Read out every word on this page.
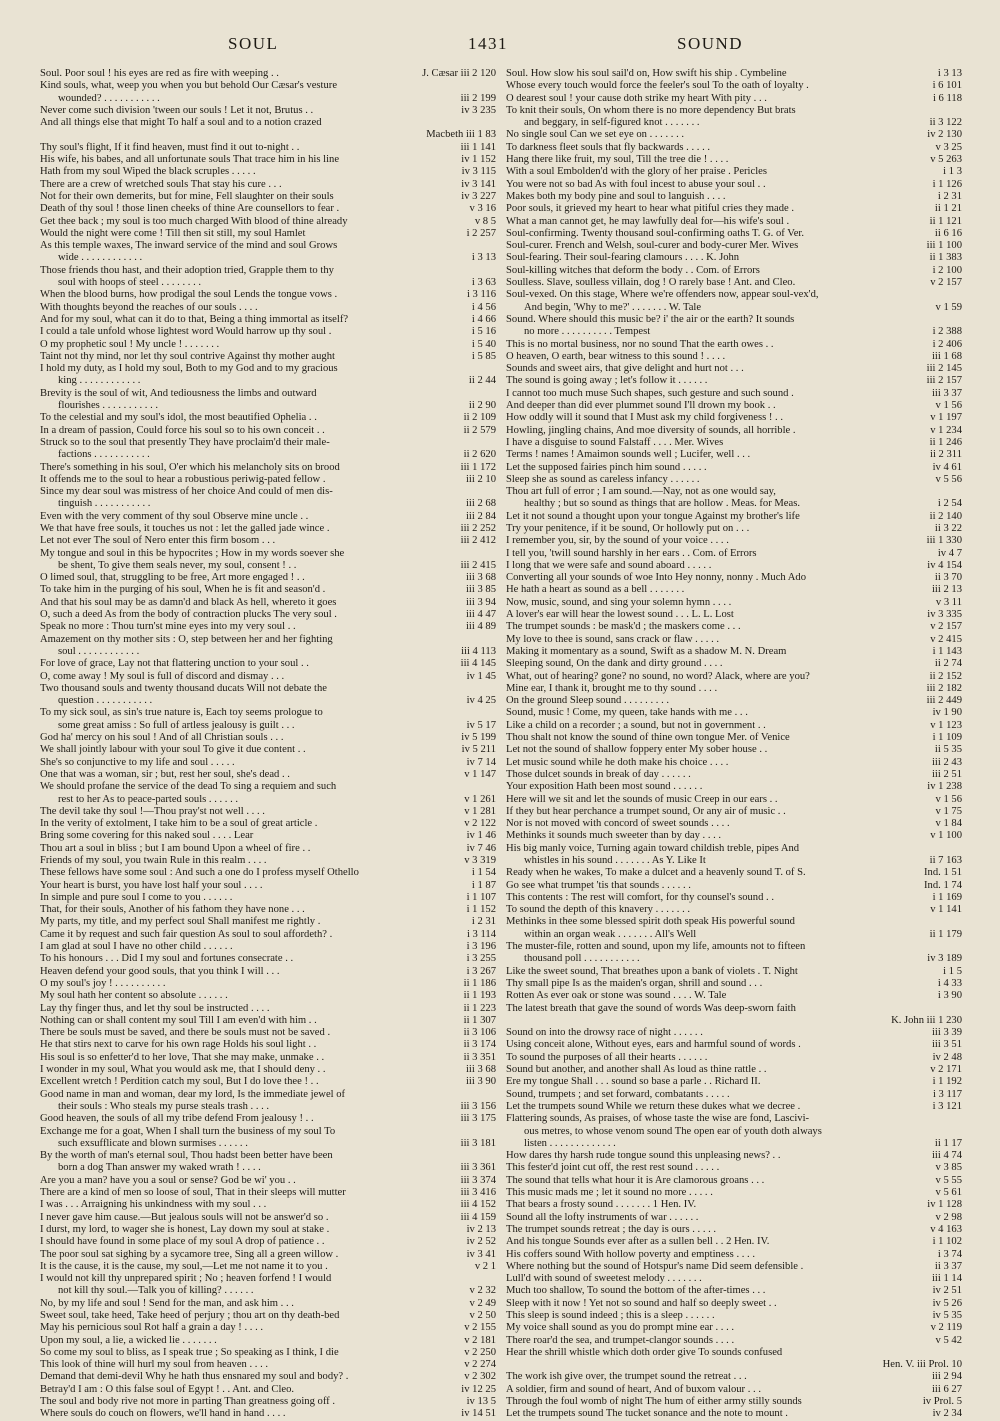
SOUL	1431	SOUND
Soul. Poor soul ! his eyes are red as fire with weeping . .	J. Cæsar iii 2 120
Kind souls, what, weep you when you but behold Our Cæsar's vesture
wounded? . . . . . . . . . . .	iii 2 199
Never come such division 'tween our souls ! Let it not, Brutus . .	iv 3 235
And all things else that might To half a soul and to a notion crazed
Macbeth iii 1 83
Thy soul's flight, If it find heaven, must find it out to-night . .	iii 1 141
His wife, his babes, and all unfortunate souls That trace him in his line	iv 1 152
Hath from my soul Wiped the black scruples . . . . .	iv 3 115
There are a crew of wretched souls That stay his cure . . .	iv 3 141
Not for their own demerits, but for mine, Fell slaughter on their souls	iv 3 227
Death of thy soul ! those linen cheeks of thine Are counsellors to fear .	v 3 16
Get thee back ; my soul is too much charged With blood of thine already	v 8 5
Would the night were come ! Till then sit still, my soul Hamlet	i 2 257
As this temple waxes, The inward service of the mind and soul Grows
wide . . . . . . . . . . . .	i 3 13
Those friends thou hast, and their adoption tried, Grapple them to thy
soul with hoops of steel . . . . . . . .	i 3 63
When the blood burns, how prodigal the soul Lends the tongue vows .	i 3 116
With thoughts beyond the reaches of our souls . . . .	i 4 56
And for my soul, what can it do to that, Being a thing immortal as itself?	i 4 66
I could a tale unfold whose lightest word Would harrow up thy soul .	i 5 16
O my prophetic soul ! My uncle ! . . . . . . .	i 5 40
Taint not thy mind, nor let thy soul contrive Against thy mother aught	i 5 85
I hold my duty, as I hold my soul, Both to my God and to my gracious
king . . . . . . . . . . . .	ii 2 44
Brevity is the soul of wit, And tediousness the limbs and outward
flourishes . . . . . . . . . . .	ii 2 90
To the celestial and my soul's idol, the most beautified Ophelia . .	ii 2 109
In a dream of passion, Could force his soul so to his own conceit . .	ii 2 579
Struck so to the soul that presently They have proclaim'd their male-
factions . . . . . . . . . . .	ii 2 620
There's something in his soul, O'er which his melancholy sits on brood	iii 1 172
It offends me to the soul to hear a robustious periwig-pated fellow .	iii 2 10
Since my dear soul was mistress of her choice And could of men dis-
tinguish . . . . . . . . . . .	iii 2 68
Even with the very comment of thy soul Observe mine uncle . .	iii 2 84
We that have free souls, it touches us not : let the galled jade wince .	iii 2 252
Let not ever The soul of Nero enter this firm bosom . . .	iii 2 412
My tongue and soul in this be hypocrites ; How in my words soever she
be shent, To give them seals never, my soul, consent ! . .	iii 2 415
O limed soul, that, struggling to be free, Art more engaged ! . .	iii 3 68
To take him in the purging of his soul, When he is fit and season'd .	iii 3 85
And that his soul may be as damn'd and black As hell, whereto it goes	iii 3 94
O, such a deed As from the body of contraction plucks The very soul .	iii 4 47
Speak no more : Thou turn'st mine eyes into my very soul . .	iii 4 89
Amazement on thy mother sits : O, step between her and her fighting
soul . . . . . . . . . . . .	iii 4 113
For love of grace, Lay not that flattering unction to your soul . .	iii 4 145
O, come away ! My soul is full of discord and dismay . . .	iv 1 45
Two thousand souls and twenty thousand ducats Will not debate the
question . . . . . . . . . . .	iv 4 25
To my sick soul, as sin's true nature is, Each toy seems prologue to
some great amiss : So full of artless jealousy is guilt . . .	iv 5 17
God ha' mercy on his soul ! And of all Christian souls . . .	iv 5 199
We shall jointly labour with your soul To give it due content . .	iv 5 211
She's so conjunctive to my life and soul . . . . .	iv 7 14
One that was a woman, sir ; but, rest her soul, she's dead . .	v 1 147
We should profane the service of the dead To sing a requiem and such
rest to her As to peace-parted souls . . . . . .	v 1 261
The devil take thy soul !—Thou pray'st not well . . . .	v 1 281
In the verity of extolment, I take him to be a soul of great article .	v 2 122
Bring some covering for this naked soul . . . . Lear	iv 1 46
Thou art a soul in bliss ; but I am bound Upon a wheel of fire . .	iv 7 46
Friends of my soul, you twain Rule in this realm . . . .	v 3 319
These fellows have some soul : And such a one do I profess myself Othello	i 1 54
Your heart is burst, you have lost half your soul . . . .	i 1 87
In simple and pure soul I come to you . . . . . .	i 1 107
That, for their souls, Another of his fathom they have none . . .	i 1 152
My parts, my title, and my perfect soul Shall manifest me rightly .	i 2 31
Came it by request and such fair question As soul to soul affordeth? .	i 3 114
I am glad at soul I have no other child . . . . . .	i 3 196
To his honours . . . Did I my soul and fortunes consecrate . .	i 3 255
Heaven defend your good souls, that you think I will . . .	i 3 267
O my soul's joy ! . . . . . . . . . .	ii 1 186
My soul hath her content so absolute . . . . . .	ii 1 193
Lay thy finger thus, and let thy soul be instructed . . . .	ii 1 223
Nothing can or shall content my soul Till I am even'd with him . .	ii 1 307
There be souls must be saved, and there be souls must not be saved .	ii 3 106
He that stirs next to carve for his own rage Holds his soul light . .	ii 3 174
His soul is so enfetter'd to her love, That she may make, unmake . .	ii 3 351
I wonder in my soul, What you would ask me, that I should deny . .	iii 3 68
Excellent wretch ! Perdition catch my soul, But I do love thee ! . .	iii 3 90
Good name in man and woman, dear my lord, Is the immediate jewel of
their souls : Who steals my purse steals trash . . . .	iii 3 156
Good heaven, the souls of all my tribe defend From jealousy ! . .	iii 3 175
Exchange me for a goat, When I shall turn the business of my soul To
such exsufflicate and blown surmises . . . . . .	iii 3 181
By the worth of man's eternal soul, Thou hadst been better have been
born a dog Than answer my waked wrath ! . . . .	iii 3 361
Are you a man? have you a soul or sense? God be wi' you . .	iii 3 374
There are a kind of men so loose of soul, That in their sleeps will mutter	iii 3 416
I was . . . Arraigning his unkindness with my soul . . .	iii 4 152
I never gave him cause.—But jealous souls will not be answer'd so .	iii 4 159
I durst, my lord, to wager she is honest, Lay down my soul at stake .	iv 2 13
I should have found in some place of my soul A drop of patience . .	iv 2 52
The poor soul sat sighing by a sycamore tree, Sing all a green willow .	iv 3 41
It is the cause, it is the cause, my soul,—Let me not name it to you .	v 2 1
I would not kill thy unprepared spirit ; No ; heaven forfend ! I would
not kill thy soul.—Talk you of killing? . . . . . .	v 2 32
No, by my life and soul ! Send for the man, and ask him . . .	v 2 49
Sweet soul, take heed, Take heed of perjury ; thou art on thy death-bed	v 2 50
May his pernicious soul Rot half a grain a day ! . . . .	v 2 155
Upon my soul, a lie, a wicked lie . . . . . . .	v 2 181
So come my soul to bliss, as I speak true ; So speaking as I think, I die	v 2 250
This look of thine will hurl my soul from heaven . . . .	v 2 274
Demand that demi-devil Why he hath thus ensnared my soul and body? .	v 2 302
Betray'd I am : O this false soul of Egypt ! . . Ant. and Cleo.	iv 12 25
The soul and body rive not more in parting Than greatness going off .	iv 13 5
Where souls do couch on flowers, we'll hand in hand . . . .	iv 14 51
Soul. How slow his soul sail'd on, How swift his ship . Cymbeline	i 3 13
Whose every touch would force the feeler's soul To the oath of loyalty .	i 6 101
O dearest soul ! your cause doth strike my heart With pity . . .	i 6 118
To knit their souls, On whom there is no more dependency But brats
and beggary, in self-figured knot . . . . . . .	ii 3 122
No single soul Can we set eye on . . . . . . .	iv 2 130
To darkness fleet souls that fly backwards . . . . .	v 3 25
Hang there like fruit, my soul, Till the tree die ! . . . .	v 5 263
With a soul Embolden'd with the glory of her praise . Pericles	i 1 3
You were not so bad As with foul incest to abuse your soul . .	i 1 126
Makes both my body pine and soul to languish . . . .	i 2 31
Poor souls, it grieved my heart to hear what pitiful cries they made .	ii 1 21
What a man cannot get, he may lawfully deal for—his wife's soul .	ii 1 121
Soul-confirming. Twenty thousand soul-confirming oaths T. G. of Ver.	ii 6 16
Soul-curer. French and Welsh, soul-curer and body-curer Mer. Wives	iii 1 100
Soul-fearing. Their soul-fearing clamours . . . . K. John	ii 1 383
Soul-killing witches that deform the body . . Com. of Errors	i 2 100
Soulless. Slave, soulless villain, dog ! O rarely base ! Ant. and Cleo.	v 2 157
Soul-vexed. On this stage, Where we're offenders now, appear soul-vex'd,
And begin, 'Why to me?' . . . . . . . W. Tale	v 1 59
Sound. Where should this music be? i' the air or the earth? It sounds
no more . . . . . . . . . . Tempest	i 2 388
This is no mortal business, nor no sound That the earth owes . .	i 2 406
O heaven, O earth, bear witness to this sound ! . . . .	iii 1 68
Sounds and sweet airs, that give delight and hurt not . . .	iii 2 145
The sound is going away ; let's follow it . . . . . .	iii 2 157
I cannot too much muse Such shapes, such gesture and such sound .	iii 3 37
And deeper than did ever plummet sound I'll drown my book . .	v 1 56
How oddly will it sound that I Must ask my child forgiveness ! . .	v 1 197
Howling, jingling chains, And moe diversity of sounds, all horrible .	v 1 234
I have a disguise to sound Falstaff . . . . Mer. Wives	ii 1 246
Terms ! names ! Amaimon sounds well ; Lucifer, well . . .	ii 2 311
Let the supposed fairies pinch him sound . . . . .	iv 4 61
Sleep she as sound as careless infancy . . . . . .	v 5 56
Thou art full of error ; I am sound.—Nay, not as one would say,
healthy ; but so sound as things that are hollow . Meas. for Meas.	i 2 54
Let it not sound a thought upon your tongue Against my brother's life	ii 2 140
Try your penitence, if it be sound, Or hollowly put on . . .	ii 3 22
I remember you, sir, by the sound of your voice . . . .	iii 1 330
I tell you, 'twill sound harshly in her ears . . Com. of Errors	iv 4 7
I long that we were safe and sound aboard . . . . .	iv 4 154
Converting all your sounds of woe Into Hey nonny, nonny . Much Ado	ii 3 70
He hath a heart as sound as a bell . . . . . . .	iii 2 13
Now, music, sound, and sing your solemn hymn . . . .	v 3 11
A lover's ear will hear the lowest sound . . . L. L. Lost	iv 3 335
The trumpet sounds : be mask'd ; the maskers come . . .	v 2 157
My love to thee is sound, sans crack or flaw . . . . .	v 2 415
Making it momentary as a sound, Swift as a shadow M. N. Dream	i 1 143
Sleeping sound, On the dank and dirty ground . . . .	ii 2 74
What, out of hearing? gone? no sound, no word? Alack, where are you?	ii 2 152
Mine ear, I thank it, brought me to thy sound . . . .	iii 2 182
On the ground Sleep sound . . . . . . . . .	iii 2 449
Sound, music ! Come, my queen, take hands with me . . .	iv 1 90
Like a child on a recorder ; a sound, but not in government . .	v 1 123
Thou shalt not know the sound of thine own tongue Mer. of Venice	i 1 109
Let not the sound of shallow foppery enter My sober house . .	ii 5 35
Let music sound while he doth make his choice . . . .	iii 2 43
Those dulcet sounds in break of day . . . . . .	iii 2 51
Your exposition Hath been most sound . . . . . .	iv 1 238
Here will we sit and let the sounds of music Creep in our ears . .	v 1 56
If they but hear perchance a trumpet sound, Or any air of music . .	v 1 75
Nor is not moved with concord of sweet sounds . . . .	v 1 84
Methinks it sounds much sweeter than by day . . . .	v 1 100
His big manly voice, Turning again toward childish treble, pipes And
whistles in his sound . . . . . . . As Y. Like It	ii 7 163
Ready when he wakes, To make a dulcet and a heavenly sound T. of S.	Ind. 1 51
Go see what trumpet 'tis that sounds . . . . . .	Ind. 1 74
This contents : The rest will comfort, for thy counsel's sound . .	i 1 169
To sound the depth of this knavery . . . . . . .	v 1 141
Methinks in thee some blessed spirit doth speak His powerful sound
within an organ weak . . . . . . . All's Well	ii 1 179
The muster-file, rotten and sound, upon my life, amounts not to fifteen
thousand poll . . . . . . . . . . .	iv 3 189
Like the sweet sound, That breathes upon a bank of violets . T. Night	i 1 5
Thy small pipe Is as the maiden's organ, shrill and sound . . .	i 4 33
Rotten As ever oak or stone was sound . . . . W. Tale	i 3 90
The latest breath that gave the sound of words Was deep-sworn faith
K. John iii 1 230
Sound on into the drowsy race of night . . . . . .	iii 3 39
Using conceit alone, Without eyes, ears and harmful sound of words .	iii 3 51
To sound the purposes of all their hearts . . . . . .	iv 2 48
Sound but another, and another shall As loud as thine rattle . .	v 2 171
Ere my tongue Shall . . . sound so base a parle . . Richard II.	i 1 192
Sound, trumpets ; and set forward, combatants . . . . .	i 3 117
Let the trumpets sound While we return these dukes what we decree .	i 3 121
Flattering sounds, As praises, of whose taste the wise are fond, Lascivi-
ous metres, to whose venom sound The open ear of youth doth always
listen . . . . . . . . . . . . .	ii 1 17
How dares thy harsh rude tongue sound this unpleasing news? . .	iii 4 74
This fester'd joint cut off, the rest rest sound . . . . .	v 3 85
The sound that tells what hour it is Are clamorous groans . . .	v 5 55
This music mads me ; let it sound no more . . . . .	v 5 61
That bears a frosty sound . . . . . . . 1 Hen. IV.	iv 1 128
Sound all the lofty instruments of war . . . . . .	v 2 98
The trumpet sounds retreat ; the day is ours . . . . .	v 4 163
And his tongue Sounds ever after as a sullen bell . . 2 Hen. IV.	i 1 102
His coffers sound With hollow poverty and emptiness . . . .	i 3 74
Where nothing but the sound of Hotspur's name Did seem defensible .	ii 3 37
Lull'd with sound of sweetest melody . . . . . . .	iii 1 14
Much too shallow, To sound the bottom of the after-times . . .	iv 2 51
Sleep with it now ! Yet not so sound and half so deeply sweet . .	iv 5 26
This sleep is sound indeed ; this is a sleep . . . . . .	iv 5 35
My voice shall sound as you do prompt mine ear . . . .	v 2 119
There roar'd the sea, and trumpet-clangor sounds . . . .	v 5 42
Hear the shrill whistle which doth order give To sounds confused
Hen. V. iii Prol. 10
The work ish give over, the trumpet sound the retreat . . .	iii 2 94
A soldier, firm and sound of heart, And of buxom valour . . .	iii 6 27
Through the foul womb of night The hum of either army stilly sounds	iv Prol. 5
Let the trumpets sound The tucket sonance and the note to mount .	iv 2 34
